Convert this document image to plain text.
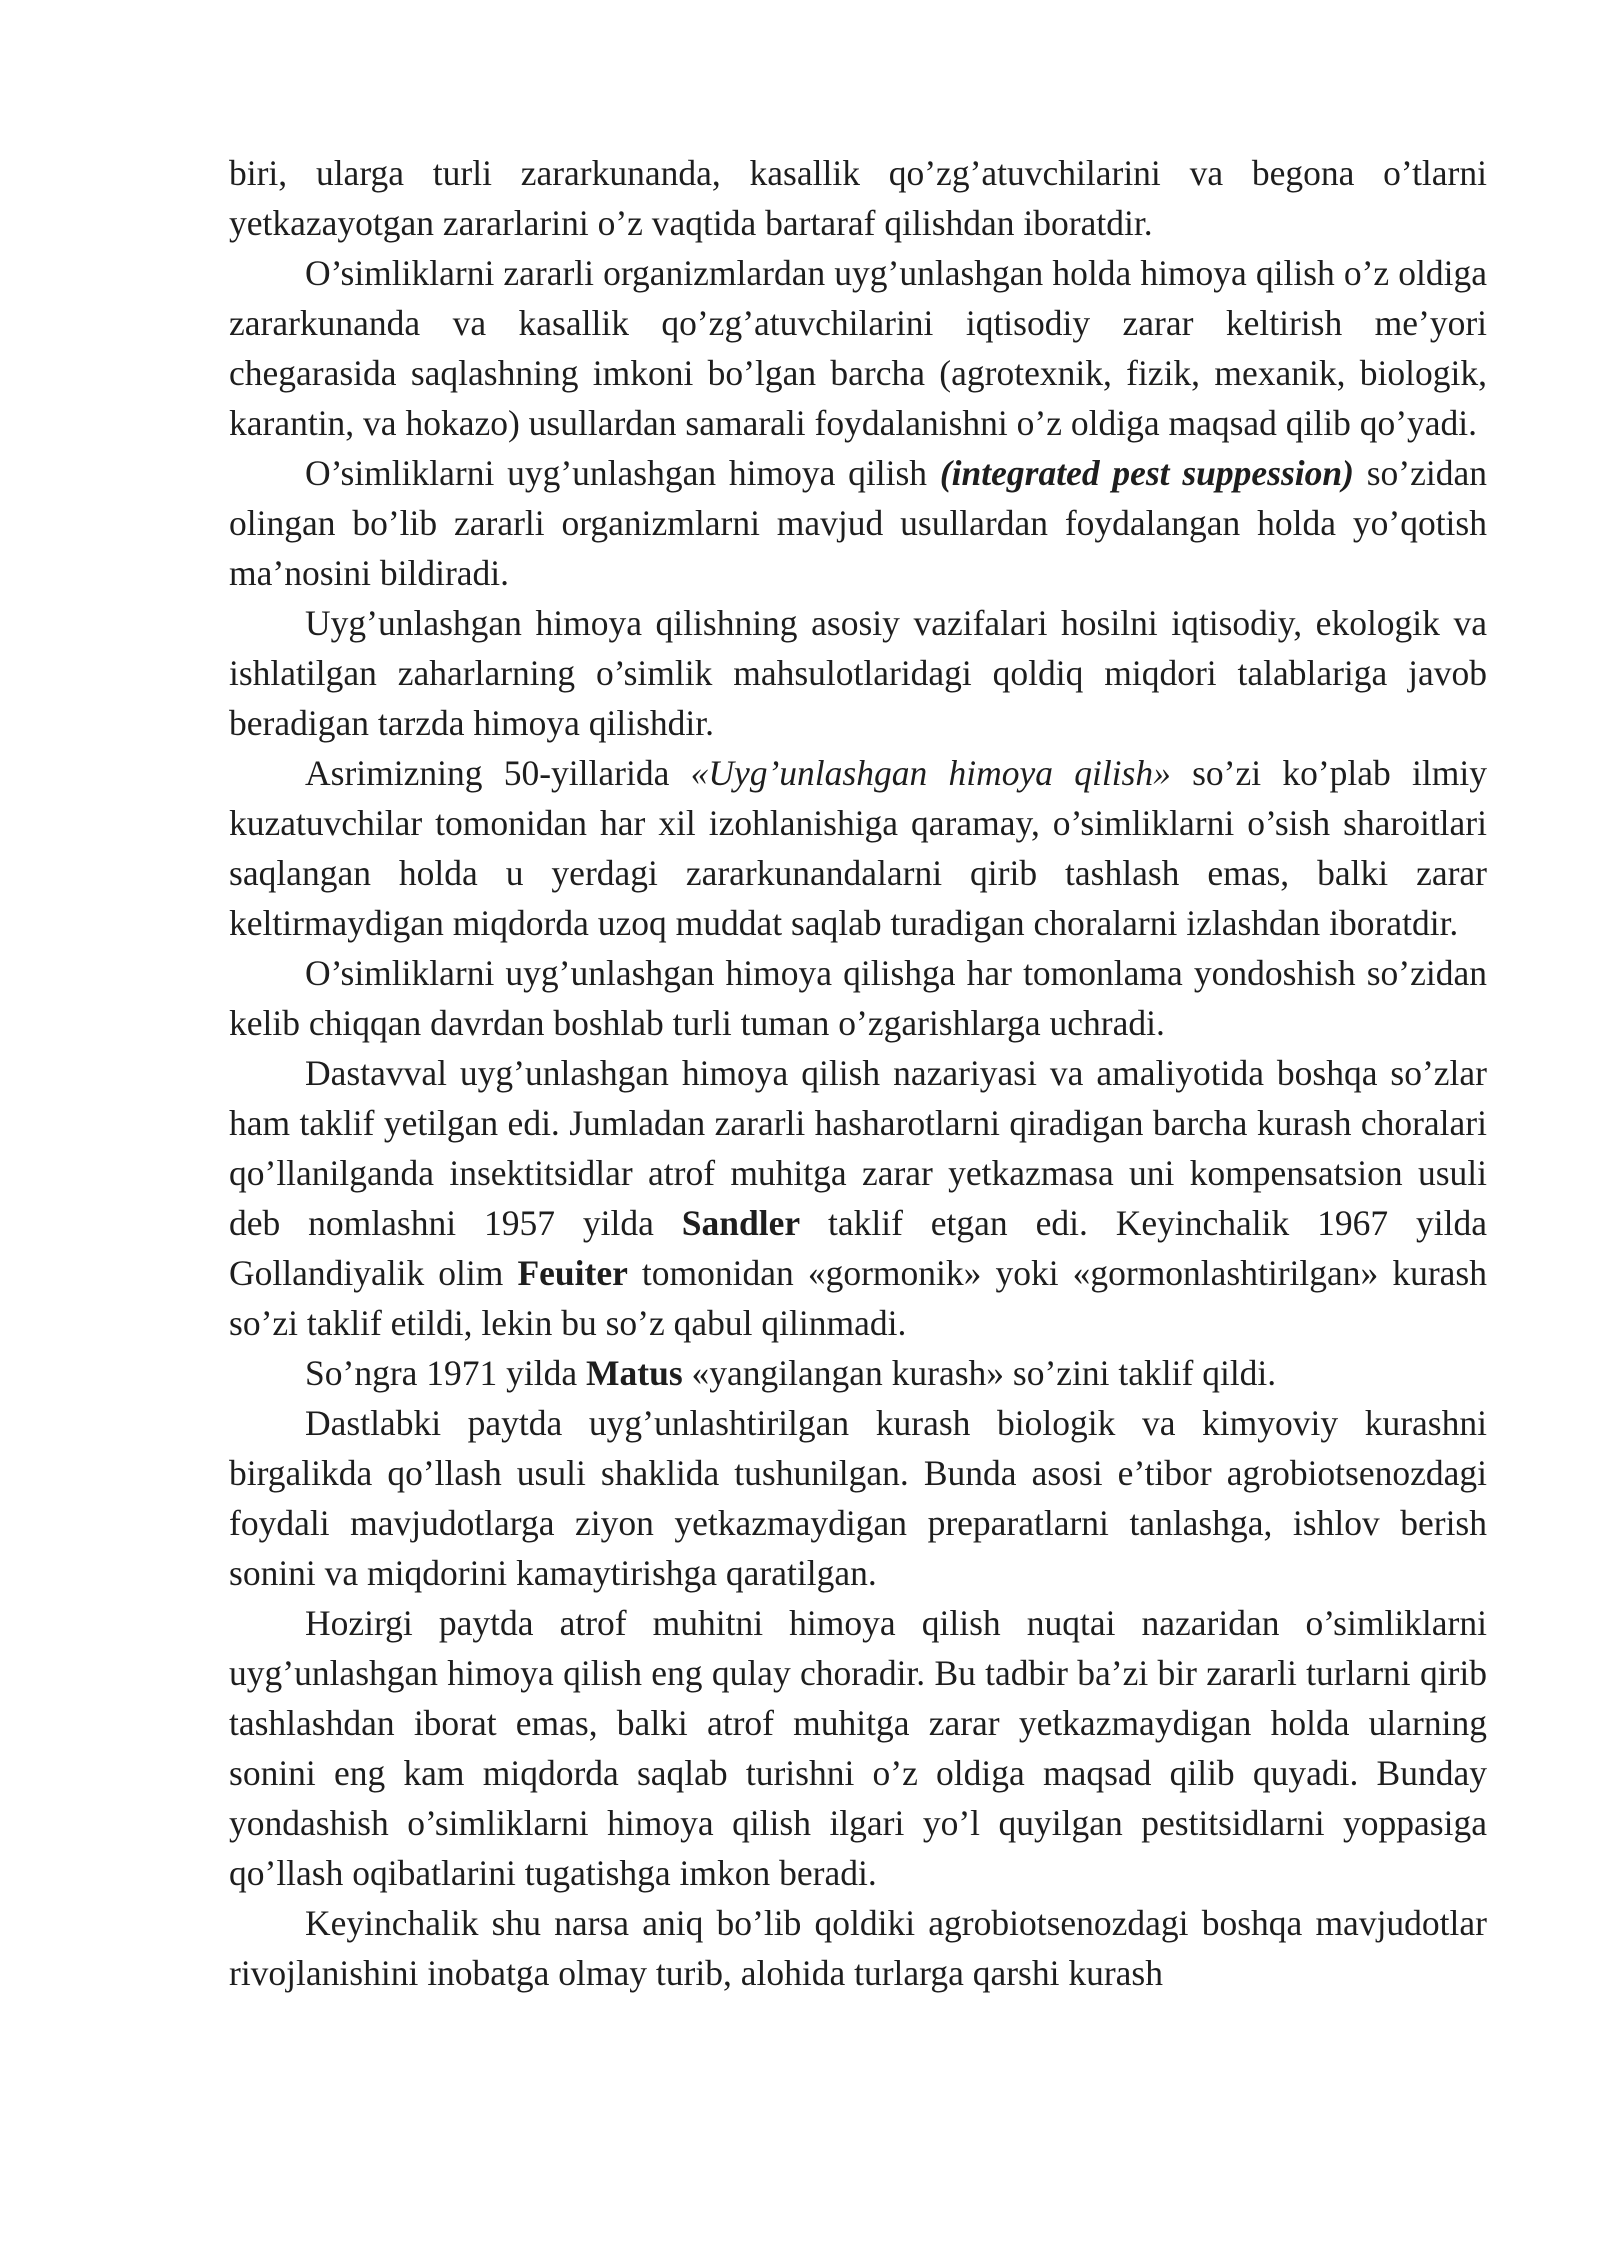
biri, ularga turli zararkunanda, kasallik qo’zg’atuvchilarini va begona o’tlarni yetkazayotgan zararlarini o’z vaqtida bartaraf qilishdan iboratdir.

O’simliklarni zararli organizmlardan uyg’unlashgan holda himoya qilish o’z oldiga zararkunanda va kasallik qo’zg’atuvchilarini iqtisodiy zarar keltirish me’yori chegarasida saqlashning imkoni bo’lgan barcha (agrotexnik, fizik, mexanik, biologik, karantin, va hokazo) usullardan samarali foydalanishni o’z oldiga maqsad qilib qo’yadi.

O’simliklarni uyg’unlashgan himoya qilish (integrated pest suppession) so’zidan olingan bo’lib zararli organizmlarni mavjud usullardan foydalangan holda yo’qotish ma’nosini bildiradi.

Uyg’unlashgan himoya qilishning asosiy vazifalari hosilni iqtisodiy, ekologik va ishlatilgan zaharlarning o’simlik mahsulotlaridagi qoldiq miqdori talablariga javob beradigan tarzda himoya qilishdir.

Asrimizning 50-yillarida «Uyg’unlashgan himoya qilish» so’zi ko’plab ilmiy kuzatuvchilar tomonidan har xil izohlanishiga qaramay, o’simliklarni o’sish sharoitlari saqlangan holda u yerdagi zararkunandalarni qirib tashlash emas, balki zarar keltirmaydigan miqdorda uzoq muddat saqlab turadigan choralarni izlashdan iboratdir.

O’simliklarni uyg’unlashgan himoya qilishga har tomonlama yondoshish so’zidan kelib chiqqan davrdan boshlab turli tuman o’zgarishlarga uchradi.

Dastavval uyg’unlashgan himoya qilish nazariyasi va amaliyotida boshqa so’zlar ham taklif yetilgan edi. Jumladan zararli hasharotlarni qiradigan barcha kurash choralari qo’llanilganda insektitsidlar atrof muhitga zarar yetkazmasa uni kompensatsion usuli deb nomlashni 1957 yilda Sandler taklif etgan edi. Keyinchalik 1967 yilda Gollandiyalik olim Feuiter tomonidan «gormonik» yoki «gormonlashtirilgan» kurash so’zi taklif etildi, lekin bu so’z qabul qilinmadi.

So’ngra 1971 yilda Matus «yangilangan kurash» so’zini taklif qildi.

Dastlabki paytda uyg’unlashtirilgan kurash biologik va kimyoviy kurashni birgalikda qo’llash usuli shaklida tushunilgan. Bunda asosi e’tibor agrobiotsenozdagi foydali mavjudotlarga ziyon yetkazmaydigan preparatlarni tanlashga, ishlov berish sonini va miqdorini kamaytirishga qaratilgan.

Hozirgi paytda atrof muhitni himoya qilish nuqtai nazaridan o’simliklarni uyg’unlashgan himoya qilish eng qulay choradir. Bu tadbir ba’zi bir zararli turlarni qirib tashlashdan iborat emas, balki atrof muhitga zarar yetkazmaydigan holda ularning sonini eng kam miqdorda saqlab turishni o’z oldiga maqsad qilib quyadi. Bunday yondashish o’simliklarni himoya qilish ilgari yo’l quyilgan pestitsidlarni yoppasiga qo’llash oqibatlarini tugatishga imkon beradi.

Keyinchalik shu narsa aniq bo’lib qoldiki agrobiotsenozdagi boshqa mavjudotlar rivojlanishini inobatga olmay turib, alohida turlarga qarshi kurash
